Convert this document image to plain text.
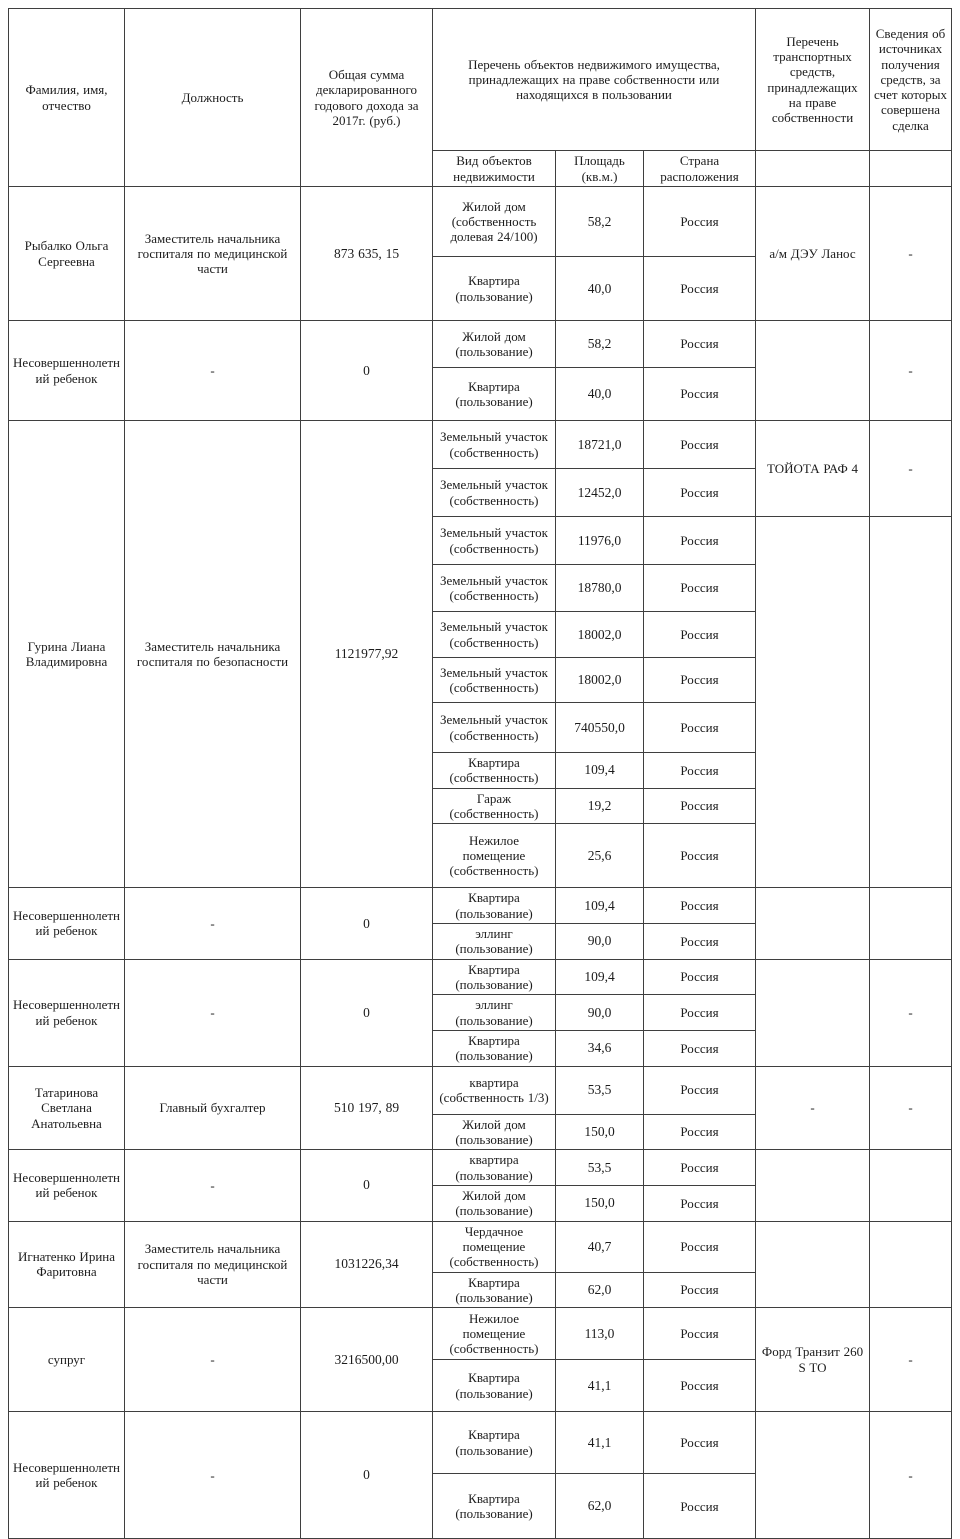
Фамилия, имя, отчество	Должность	Общая сумма декларированного годового дохода за 2017г. (руб.)	Перечень объектов недвижимого имущества, принадлежащих на праве собственности или находящихся в пользовании			Перечень транспортных средств, принадлежащих на праве собственности	Сведения об источниках получения средств, за счет которых совершена сделка
			Вид объектов недвижимости	Площадь (кв.м.)	Страна расположения		
Рыбалко Ольга Сергеевна	Заместитель начальника госпиталя по медицинской части	873 635, 15	Жилой дом (собственность долевая 24/100)	58,2	Россия	а/м ДЭУ Ланос	-
			Квартира (пользование)	40,0	Россия		
Несовершеннолетний ребенок	-	0	Жилой дом (пользование)	58,2	Россия		-
			Квартира (пользование)	40,0	Россия		
Гурина Лиана Владимировна	Заместитель начальника госпиталя по безопасности	1121977,92	Земельный участок (собственность)	18721,0	Россия	ТОЙОТА РАФ 4	-
			Земельный участок (собственность)	12452,0	Россия		
			Земельный участок (собственность)	11976,0	Россия		
			Земельный участок (собственность)	18780,0	Россия		
			Земельный участок (собственность)	18002,0	Россия		
			Земельный участок (собственность)	18002,0	Россия		
			Земельный участок (собственность)	740550,0	Россия		
			Квартира (собственность)	109,4	Россия		
			Гараж (собственность)	19,2	Россия		
			Нежилое помещение (собственность)	25,6	Россия		
Несовершеннолетний ребенок	-	0	Квартира (пользование)	109,4	Россия		
			эллинг (пользование)	90,0	Россия		
Несовершеннолетний ребенок	-	0	Квартира (пользование)	109,4	Россия		-
			эллинг (пользование)	90,0	Россия		
			Квартира (пользование)	34,6	Россия		
Татаринова Светлана Анатольевна	Главный бухгалтер	510 197, 89	квартира (собственность 1/3)	53,5	Россия	-	-
			Жилой дом (пользование)	150,0	Россия		
Несовершеннолетний ребенок	-	0	квартира (пользование)	53,5	Россия		
			Жилой дом (пользование)	150,0	Россия		
Игнатенко Ирина Фаритовна	Заместитель начальника госпиталя по медицинской части	1031226,34	Чердачное помещение (собственность)	40,7	Россия		
			Квартира (пользование)	62,0	Россия		
супруг	-	3216500,00	Нежилое помещение (собственность)	113,0	Россия	Форд Транзит 260 S ТО	-
			Квартира (пользование)	41,1	Россия		
Несовершеннолетний ребенок	-	0	Квартира (пользование)	41,1	Россия		-
			Квартира (пользование)	62,0	Россия		
